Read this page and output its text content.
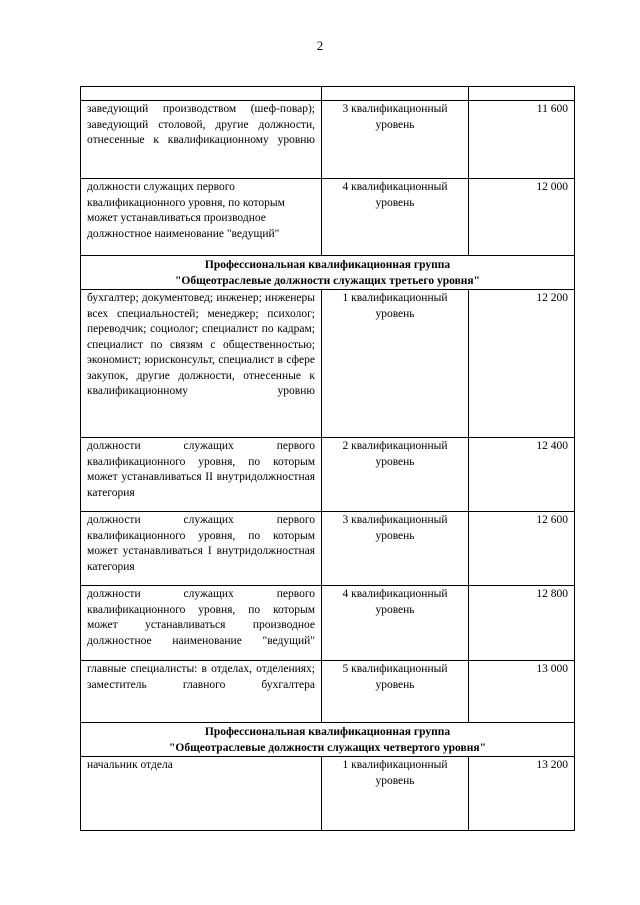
2

заведующий производством (шеф-повар); заведующий столовой, другие должности, отнесенные к квалификационному уровню	3 квалификационный уровень	11 600
должности служащих первого квалификационного уровня, по которым может устанавливаться производное должностное наименование "ведущий"	4 квалификационный уровень	12 000
Профессиональная квалификационная группа
"Общеотраслевые должности служащих третьего уровня"		
бухгалтер; документовед; инженер; инженеры всех специальностей; менеджер; психолог; переводчик; социолог; специалист по кадрам; специалист по связям с общественностью; экономист; юрисконсульт, специалист в сфере закупок, другие должности, отнесенные к квалификационному уровню	1 квалификационный уровень	12 200
должности служащих первого квалификационного уровня, по которым может устанавливаться II внутридолжностная категория	2 квалификационный уровень	12 400
должности служащих первого квалификационного уровня, по которым может устанавливаться I внутридолжностная категория	3 квалификационный уровень	12 600
должности служащих первого квалификационного уровня, по которым может устанавливаться производное должностное наименование "ведущий"	4 квалификационный уровень	12 800
главные специалисты: в отделах, отделениях; заместитель главного бухгалтера	5 квалификационный уровень	13 000
Профессиональная квалификационная группа
"Общеотраслевые должности служащих четвертого уровня"		
начальник отдела	1 квалификационный уровень	13 200
